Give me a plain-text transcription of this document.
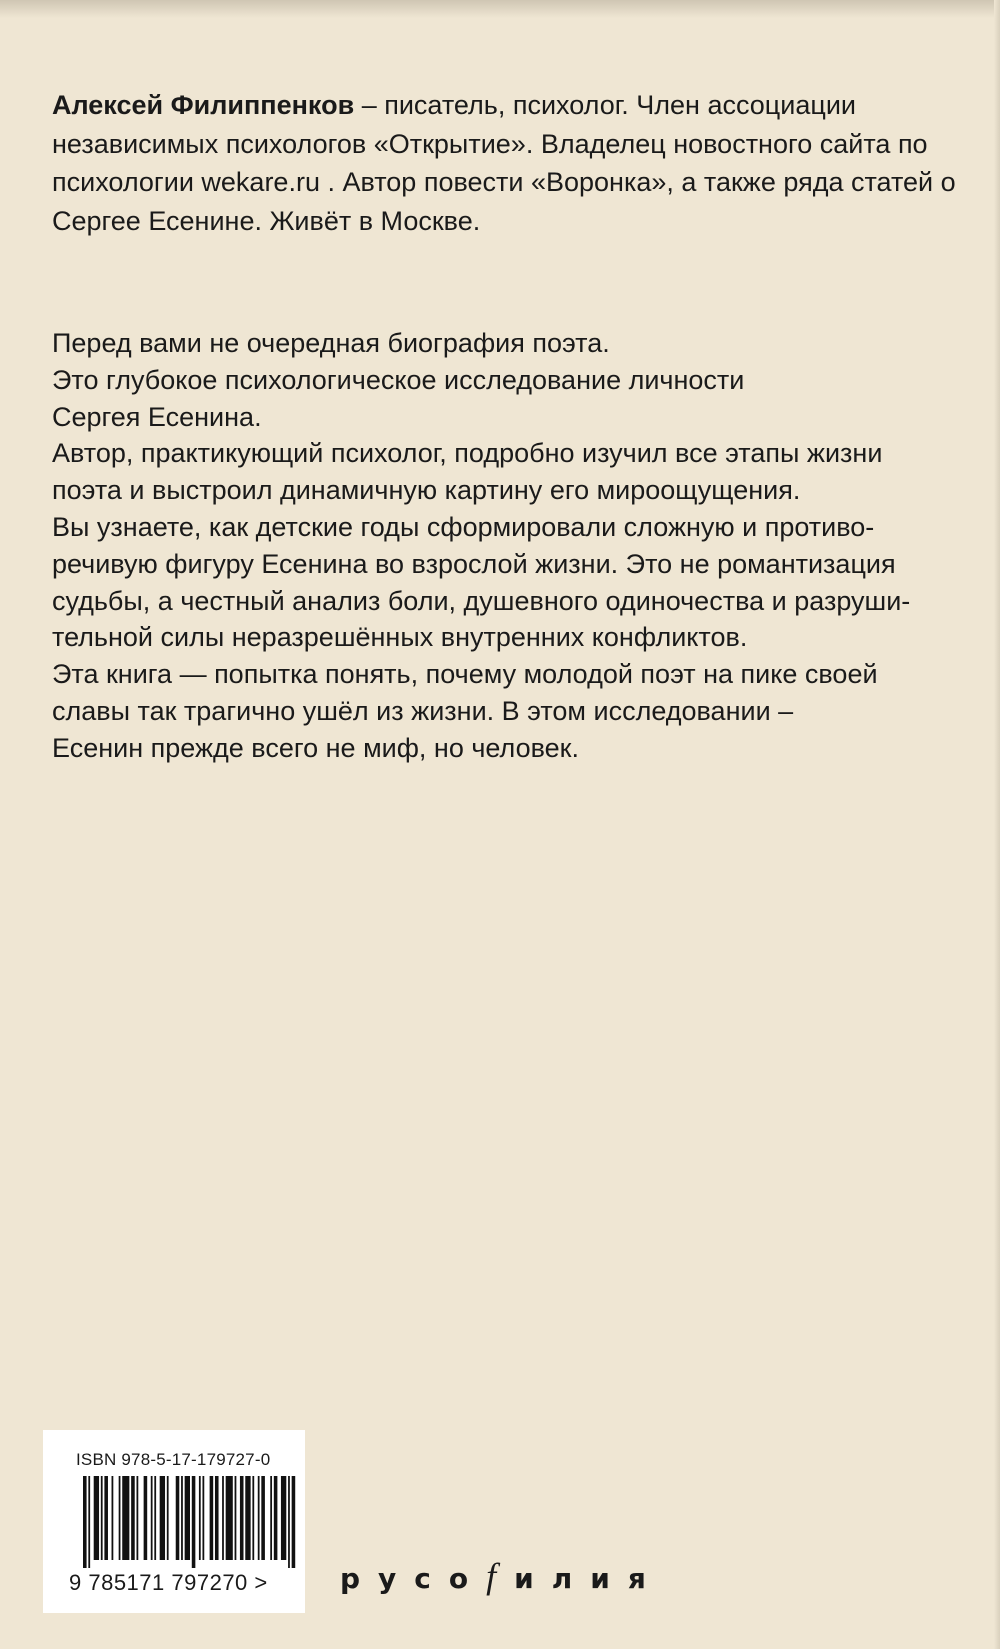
Алексей Филиппенков – писатель, психолог. Член ассоциации независимых психологов «Открытие». Владелец новостного сайта по психологии wekare.ru . Автор повести «Воронка», а также ряда статей о Сергее Есенине. Живёт в Москве.

Перед вами не очередная биография поэта.

Это глубокое психологическое исследование личности

Сергея Есенина.

Автор, практикующий психолог, подробно изучил все этапы жизни

поэта и выстроил динамичную картину его мироощущения.

Вы узнаете, как детские годы сформировали сложную и противо-

речивую фигуру Есенина во взрослой жизни. Это не романтизация

судьбы, а честный анализ боли, душевного одиночества и разруши-

тельной силы неразрешённых внутренних конфликтов.

Эта книга — попытка понять, почему молодой поэт на пике своей

славы так трагично ушёл из жизни. В этом исследовании –

Есенин прежде всего не миф, но человек.

ISBN 978-5-17-179727-0
9 785171 797270 >	русоfилия
